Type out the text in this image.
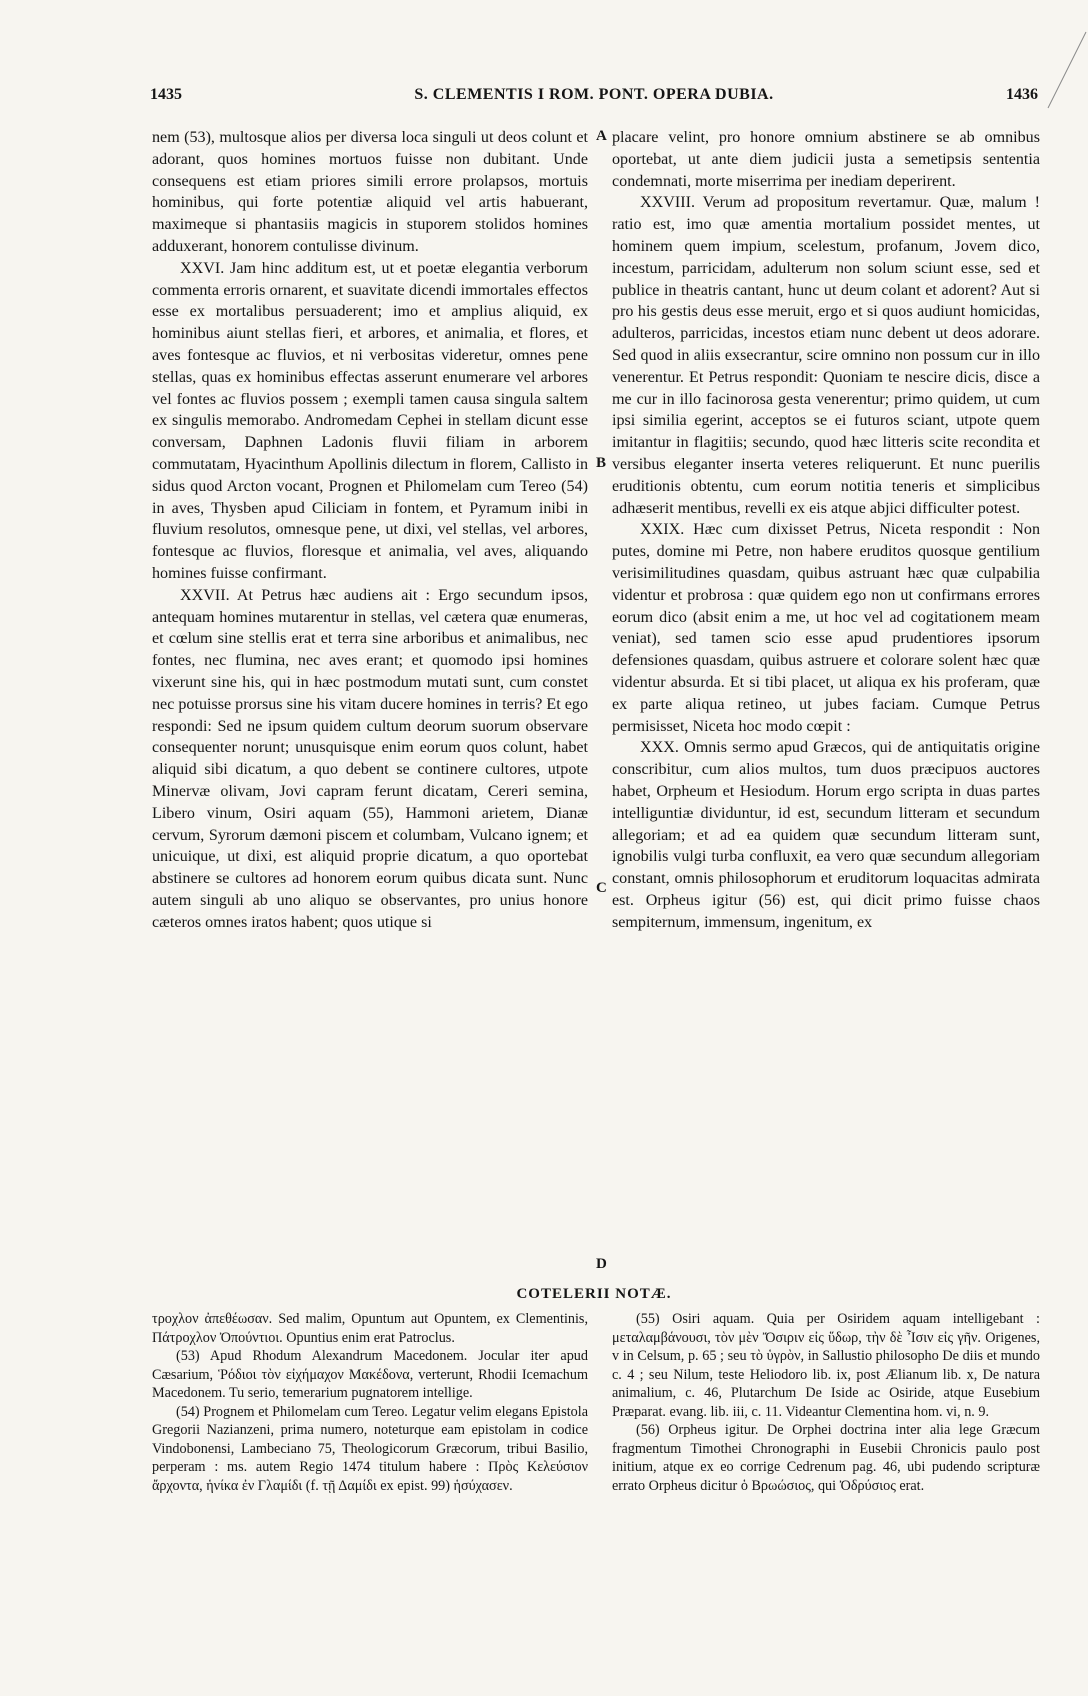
1435	S. CLEMENTIS I ROM. PONT. OPERA DUBIA.	1436

nem (53), multosque alios per diversa loca singuli ut deos colunt et adorant, quos homines mortuos fuisse non dubitant. Unde consequens est etiam priores simili errore prolapsos, mortuis hominibus, qui forte potentiæ aliquid vel artis habuerant, maximeque si phantasiis magicis in stuporem stolidos homines adduxerant, honorem contulisse divinum.

XXVI. Jam hinc additum est, ut et poetæ elegantia verborum commenta erroris ornarent, et suavitate dicendi immortales effectos esse ex mortalibus persuaderent; imo et amplius aliquid, ex hominibus aiunt stellas fieri, et arbores, et animalia, et flores, et aves fontesque ac fluvios, et ni verbositas videretur, omnes pene stellas, quas ex hominibus effectas asserunt enumerare vel arbores vel fontes ac fluvios possem ; exempli tamen causa singula saltem ex singulis memorabo. Andromedam Cephei in stellam dicunt esse conversam, Daphnen Ladonis fluvii filiam in arborem commutatam, Hyacinthum Apollinis dilectum in florem, Callisto in sidus quod Arcton vocant, Prognen et Philomelam cum Tereo (54) in aves, Thysben apud Ciliciam in fontem, et Pyramum inibi in fluvium resolutos, omnesque pene, ut dixi, vel stellas, vel arbores, fontesque ac fluvios, floresque et animalia, vel aves, aliquando homines fuisse confirmant.

XXVII. At Petrus hæc audiens ait : Ergo secundum ipsos, antequam homines mutarentur in stellas, vel cætera quæ enumeras, et cœlum sine stellis erat et terra sine arboribus et animalibus, nec fontes, nec flumina, nec aves erant; et quomodo ipsi homines vixerunt sine his, qui in hæc postmodum mutati sunt, cum constet nec potuisse prorsus sine his vitam ducere homines in terris? Et ego respondi: Sed ne ipsum quidem cultum deorum suorum observare consequenter norunt; unusquisque enim eorum quos colunt, habet aliquid sibi dicatum, a quo debent se continere cultores, utpote Minervæ olivam, Jovi capram ferunt dicatam, Cereri semina, Libero vinum, Osiri aquam (55), Hammoni arietem, Dianæ cervum, Syrorum dæmoni piscem et columbam, Vulcano ignem; et unicuique, ut dixi, est aliquid proprie dicatum, a quo oportebat abstinere se cultores ad honorem eorum quibus dicata sunt. Nunc autem singuli ab uno aliquo se observantes, pro unius honore cæteros omnes iratos habent; quos utique si

A
B
C
D

placare velint, pro honore omnium abstinere se ab omnibus oportebat, ut ante diem judicii justa a semetipsis sententia condemnati, morte miserrima per inediam deperirent.

XXVIII. Verum ad propositum revertamur. Quæ, malum ! ratio est, imo quæ amentia mortalium possidet mentes, ut hominem quem impium, scelestum, profanum, Jovem dico, incestum, parricidam, adulterum non solum sciunt esse, sed et publice in theatris cantant, hunc ut deum colant et adorent? Aut si pro his gestis deus esse meruit, ergo et si quos audiunt homicidas, adulteros, parricidas, incestos etiam nunc debent ut deos adorare. Sed quod in aliis exsecrantur, scire omnino non possum cur in illo venerentur. Et Petrus respondit: Quoniam te nescire dicis, disce a me cur in illo facinorosa gesta venerentur; primo quidem, ut cum ipsi similia egerint, acceptos se ei futuros sciant, utpote quem imitantur in flagitiis; secundo, quod hæc litteris scite recondita et versibus eleganter inserta veteres reliquerunt. Et nunc puerilis eruditionis obtentu, cum eorum notitia teneris et simplicibus adhæserit mentibus, revelli ex eis atque abjici difficulter potest.

XXIX. Hæc cum dixisset Petrus, Niceta respondit : Non putes, domine mi Petre, non habere eruditos quosque gentilium verisimilitudines quasdam, quibus astruant hæc quæ culpabilia videntur et probrosa : quæ quidem ego non ut confirmans errores eorum dico (absit enim a me, ut hoc vel ad cogitationem meam veniat), sed tamen scio esse apud prudentiores ipsorum defensiones quasdam, quibus astruere et colorare solent hæc quæ videntur absurda. Et si tibi placet, ut aliqua ex his proferam, quæ ex parte aliqua retineo, ut jubes faciam. Cumque Petrus permisisset, Niceta hoc modo cœpit :

XXX. Omnis sermo apud Græcos, qui de antiquitatis origine conscribitur, cum alios multos, tum duos præcipuos auctores habet, Orpheum et Hesiodum. Horum ergo scripta in duas partes intelliguntiæ dividuntur, id est, secundum litteram et secundum allegoriam; et ad ea quidem quæ secundum litteram sunt, ignobilis vulgi turba confluxit, ea vero quæ secundum allegoriam constant, omnis philosophorum et eruditorum loquacitas admirata est. Orpheus igitur (56) est, qui dicit primo fuisse chaos sempiternum, immensum, ingenitum, ex

COTELERII NOTÆ.

τροχλον ἀπεθέωσαν. Sed malim, Opuntum aut Opuntem, ex Clementinis, Πάτροχλον Ὀπούντιοι. Opuntius enim erat Patroclus.

(53) Apud Rhodum Alexandrum Macedonem. Jocular iter apud Cæsarium, Ῥόδιοι τὸν εἰχήμαχον Μακέδονα, verterunt, Rhodii Icemachum Macedonem. Tu serio, temerarium pugnatorem intellige.

(54) Prognem et Philomelam cum Tereo. Legatur velim elegans Epistola Gregorii Nazianzeni, prima numero, noteturque eam epistolam in codice Vindobonensi, Lambeciano 75, Theologicorum Græcorum, tribui Basilio, perperam : ms. autem Regio 1474 titulum habere : Πρὸς Κελεύσιον ἄρχοντα, ἡνίκα ἐν Γλαμίδι (f. τῇ Δαμίδι ex epist. 99) ἡσύχασεν.

(55) Osiri aquam. Quia per Osiridem aquam intelligebant : μεταλαμβάνουσι, τὸν μὲν Ὄσιριν εἰς ὕδωρ, τὴν δὲ Ἶσιν εἰς γῆν. Origenes, v in Celsum, p. 65 ; seu τὸ ὑγρὸν, in Sallustio philosopho De diis et mundo c. 4 ; seu Nilum, teste Heliodoro lib. ix, post Ælianum lib. x, De natura animalium, c. 46, Plutarchum De Iside ac Osiride, atque Eusebium Præparat. evang. lib. iii, c. 11. Videantur Clementina hom. vi, n. 9.

(56) Orpheus igitur. De Orphei doctrina inter alia lege Græcum fragmentum Timothei Chronographi in Eusebii Chronicis paulo post initium, atque ex eo corrige Cedrenum pag. 46, ubi pudendo scripturæ errato Orpheus dicitur ὁ Βρωώσιος, qui Ὀδρύσιος erat.
